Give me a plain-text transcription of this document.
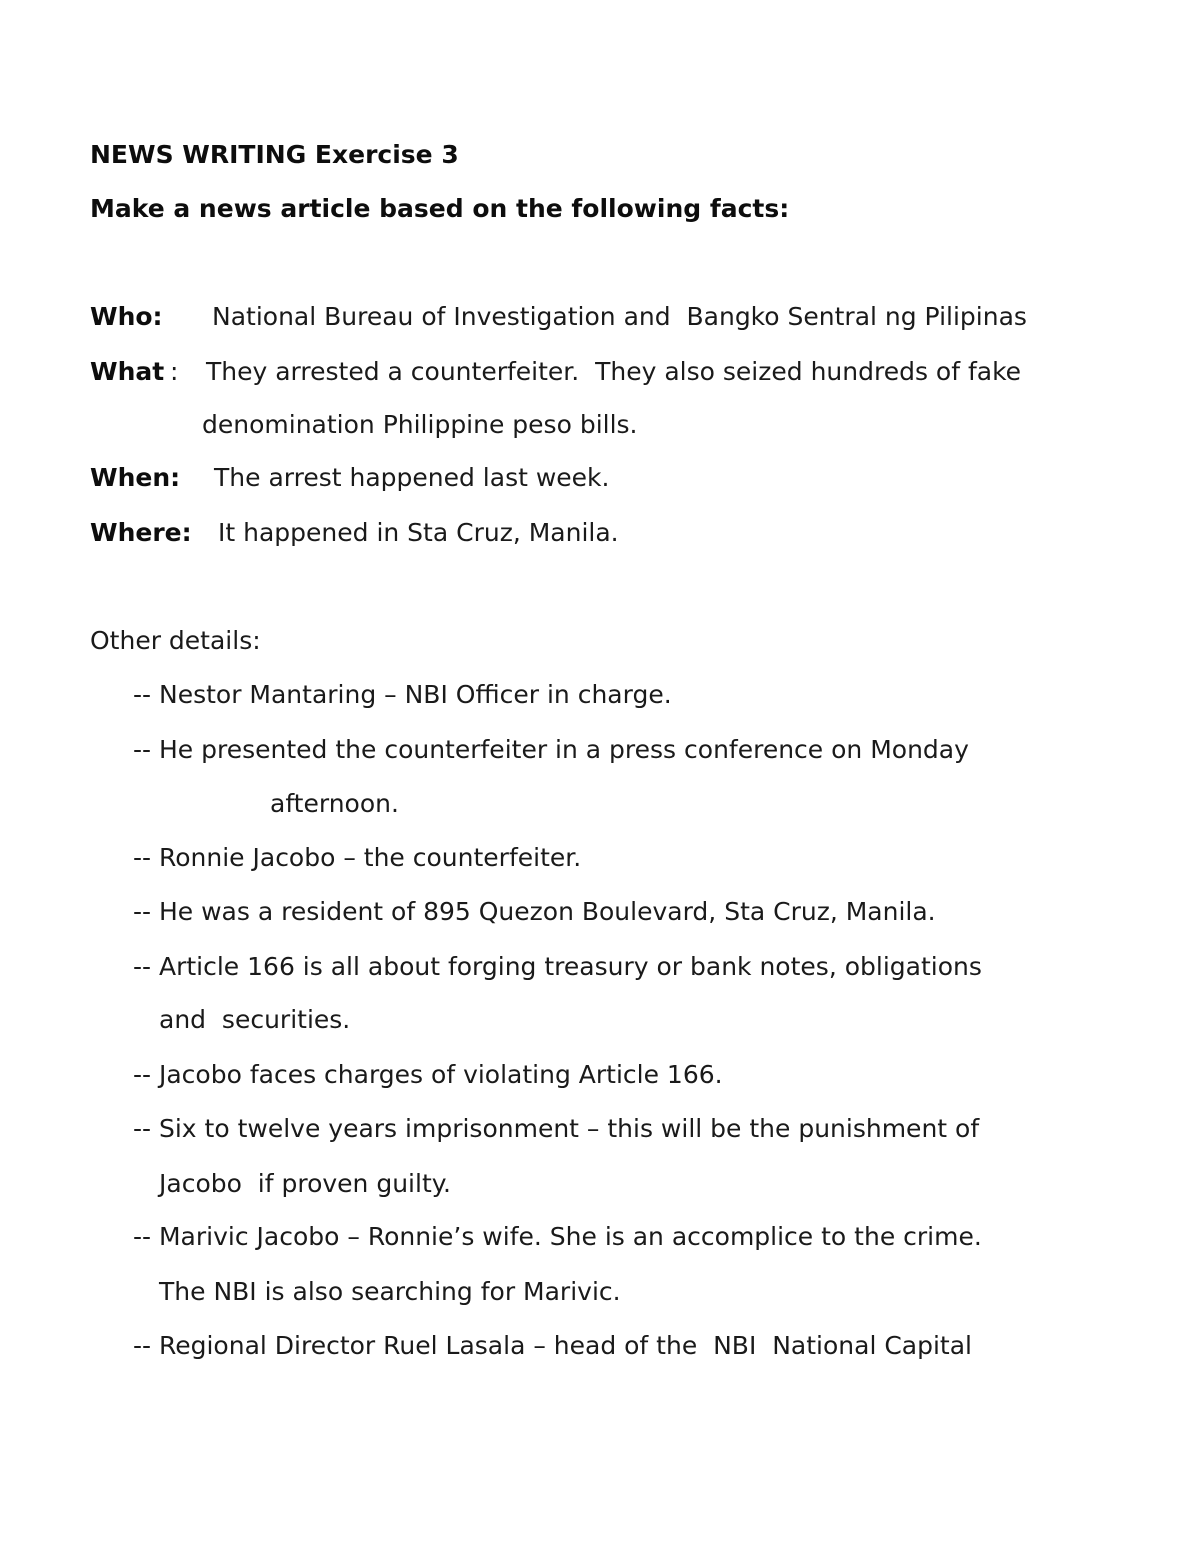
NEWS WRITING Exercise 3
Make a news article based on the following facts:
Who: National Bureau of Investigation and  Bangko Sentral ng Pilipinas
What : They arrested a counterfeiter.  They also seized hundreds of fake
denomination Philippine peso bills.
When: The arrest happened last week.
Where: It happened in Sta Cruz, Manila.
Other details:
-- Nestor Mantaring – NBI Officer in charge.
-- He presented the counterfeiter in a press conference on Monday
afternoon.
-- Ronnie Jacobo – the counterfeiter.
-- He was a resident of 895 Quezon Boulevard, Sta Cruz, Manila.
-- Article 166 is all about forging treasury or bank notes, obligations
and  securities.
-- Jacobo faces charges of violating Article 166.
-- Six to twelve years imprisonment – this will be the punishment of
Jacobo  if proven guilty.
-- Marivic Jacobo – Ronnie’s wife. She is an accomplice to the crime.
The NBI is also searching for Marivic.
-- Regional Director Ruel Lasala – head of the  NBI  National Capital
